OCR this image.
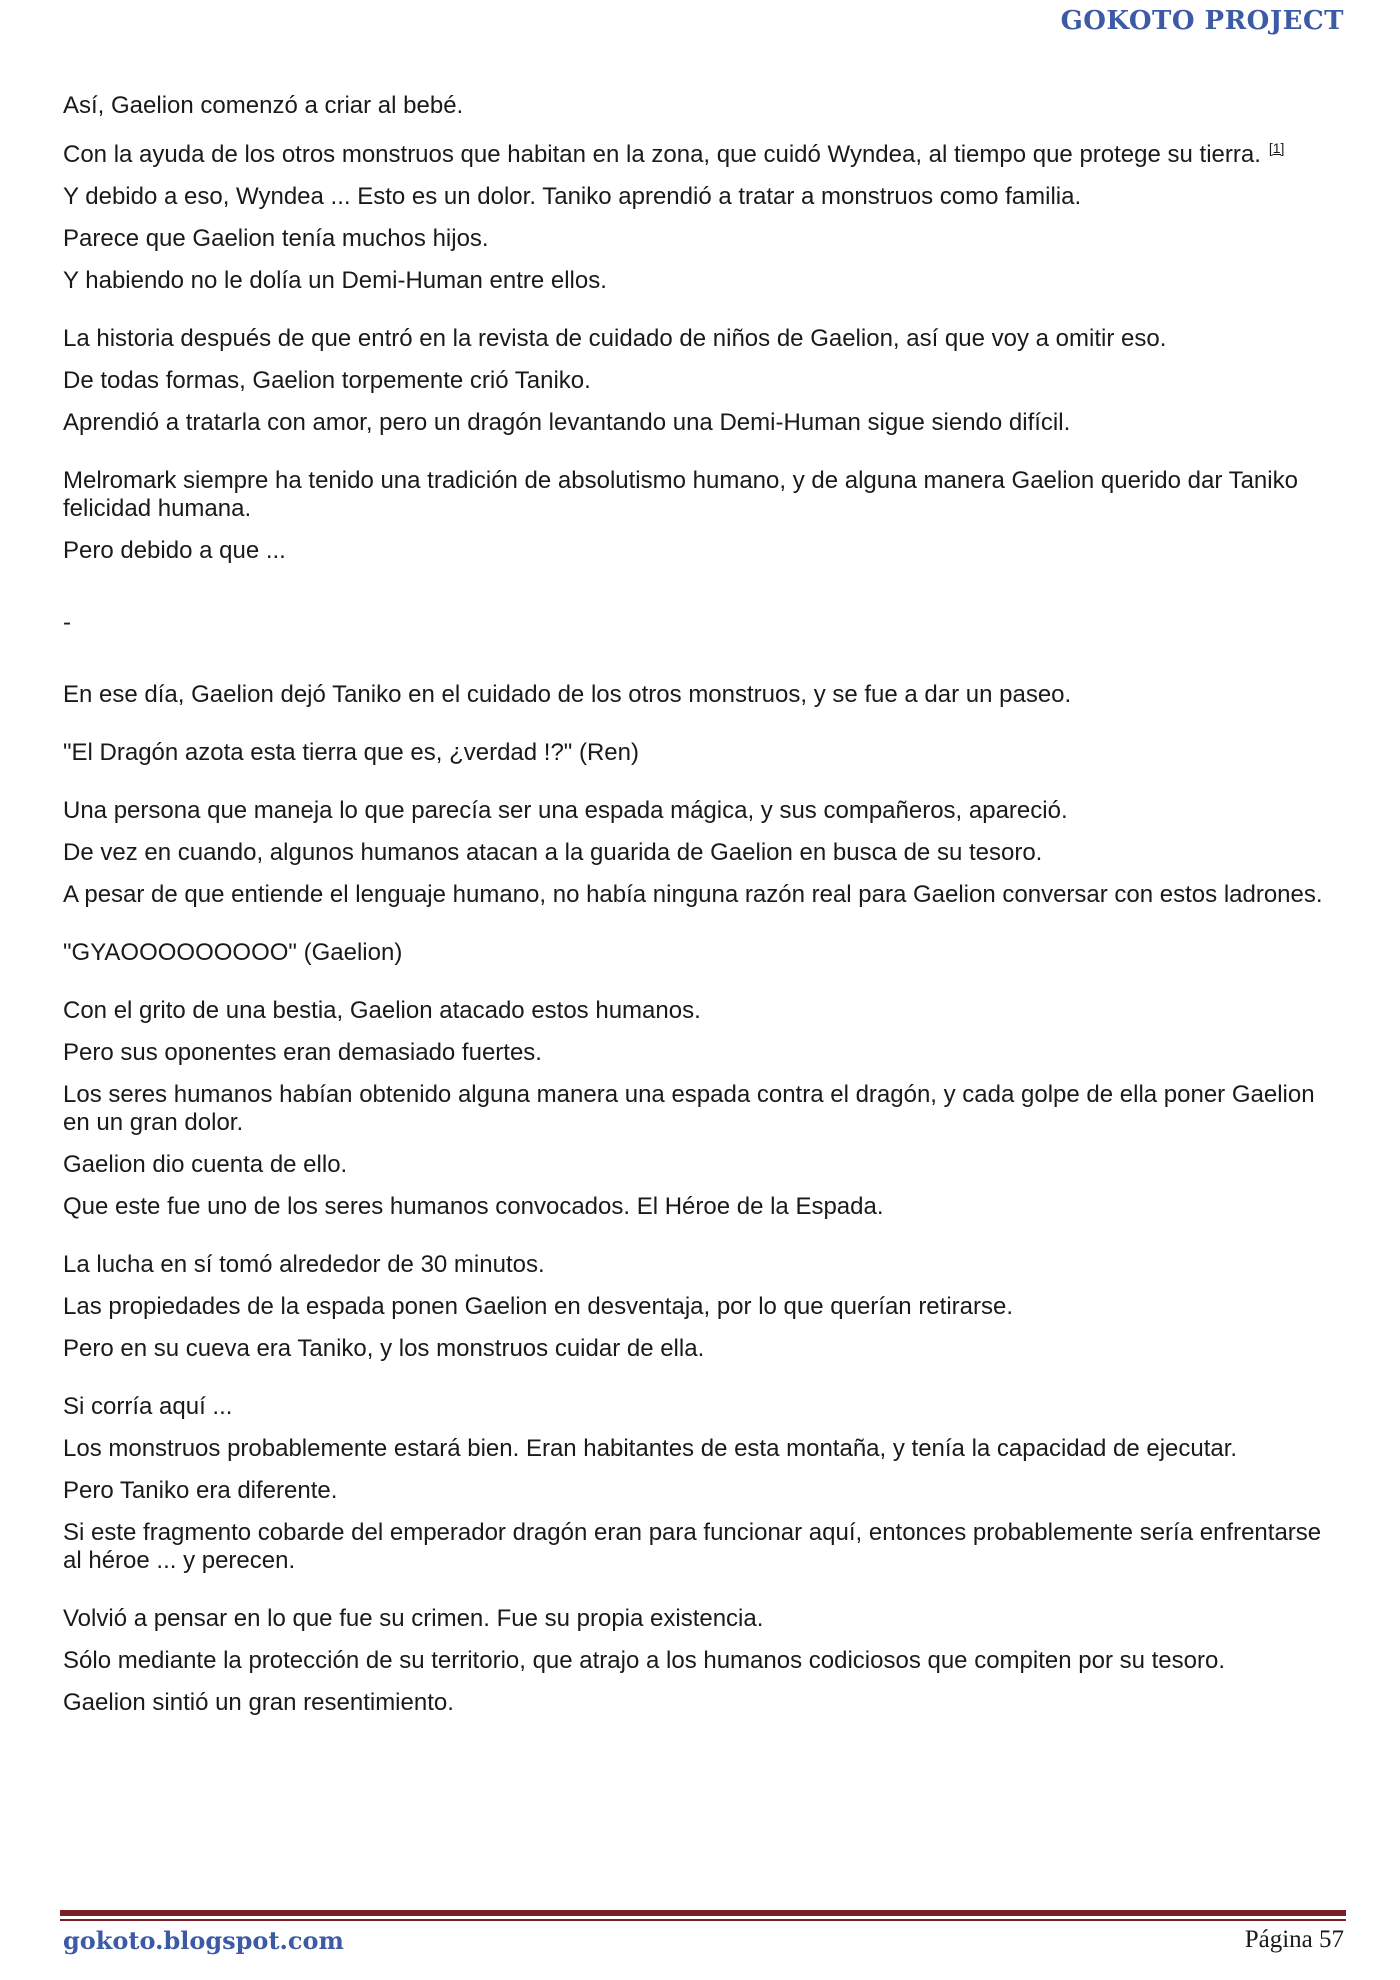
GOKOTO PROJECT

Así, Gaelion comenzó a criar al bebé.

Con la ayuda de los otros monstruos que habitan en la zona, que cuidó Wyndea, al tiempo que protege su tierra. [1]

Y debido a eso, Wyndea ... Esto es un dolor. Taniko aprendió a tratar a monstruos como familia.

Parece que Gaelion tenía muchos hijos.

Y habiendo no le dolía un Demi-Human entre ellos.

La historia después de que entró en la revista de cuidado de niños de Gaelion, así que voy a omitir eso.

De todas formas, Gaelion torpemente crió Taniko.

Aprendió a tratarla con amor, pero un dragón levantando una Demi-Human sigue siendo difícil.

Melromark siempre ha tenido una tradición de absolutismo humano, y de alguna manera Gaelion querido dar Taniko felicidad humana.

Pero debido a que ...

-

En ese día, Gaelion dejó Taniko en el cuidado de los otros monstruos, y se fue a dar un paseo.

"El Dragón azota esta tierra que es, ¿verdad !?" (Ren)

Una persona que maneja lo que parecía ser una espada mágica, y sus compañeros, apareció.

De vez en cuando, algunos humanos atacan a la guarida de Gaelion en busca de su tesoro.

A pesar de que entiende el lenguaje humano, no había ninguna razón real para Gaelion conversar con estos ladrones.

"GYAOOOOOOOOO" (Gaelion)

Con el grito de una bestia, Gaelion atacado estos humanos.

Pero sus oponentes eran demasiado fuertes.

Los seres humanos habían obtenido alguna manera una espada contra el dragón, y cada golpe de ella poner Gaelion en un gran dolor.

Gaelion dio cuenta de ello.

Que este fue uno de los seres humanos convocados. El Héroe de la Espada.

La lucha en sí tomó alrededor de 30 minutos.

Las propiedades de la espada ponen Gaelion en desventaja, por lo que querían retirarse.

Pero en su cueva era Taniko, y los monstruos cuidar de ella.

Si corría aquí ...

Los monstruos probablemente estará bien. Eran habitantes de esta montaña, y tenía la capacidad de ejecutar.

Pero Taniko era diferente.

Si este fragmento cobarde del emperador dragón eran para funcionar aquí, entonces probablemente sería enfrentarse al héroe ... y perecen.

Volvió a pensar en lo que fue su crimen. Fue su propia existencia.

Sólo mediante la protección de su territorio, que atrajo a los humanos codiciosos que compiten por su tesoro.

Gaelion sintió un gran resentimiento.

gokoto.blogspot.com	Página 57
